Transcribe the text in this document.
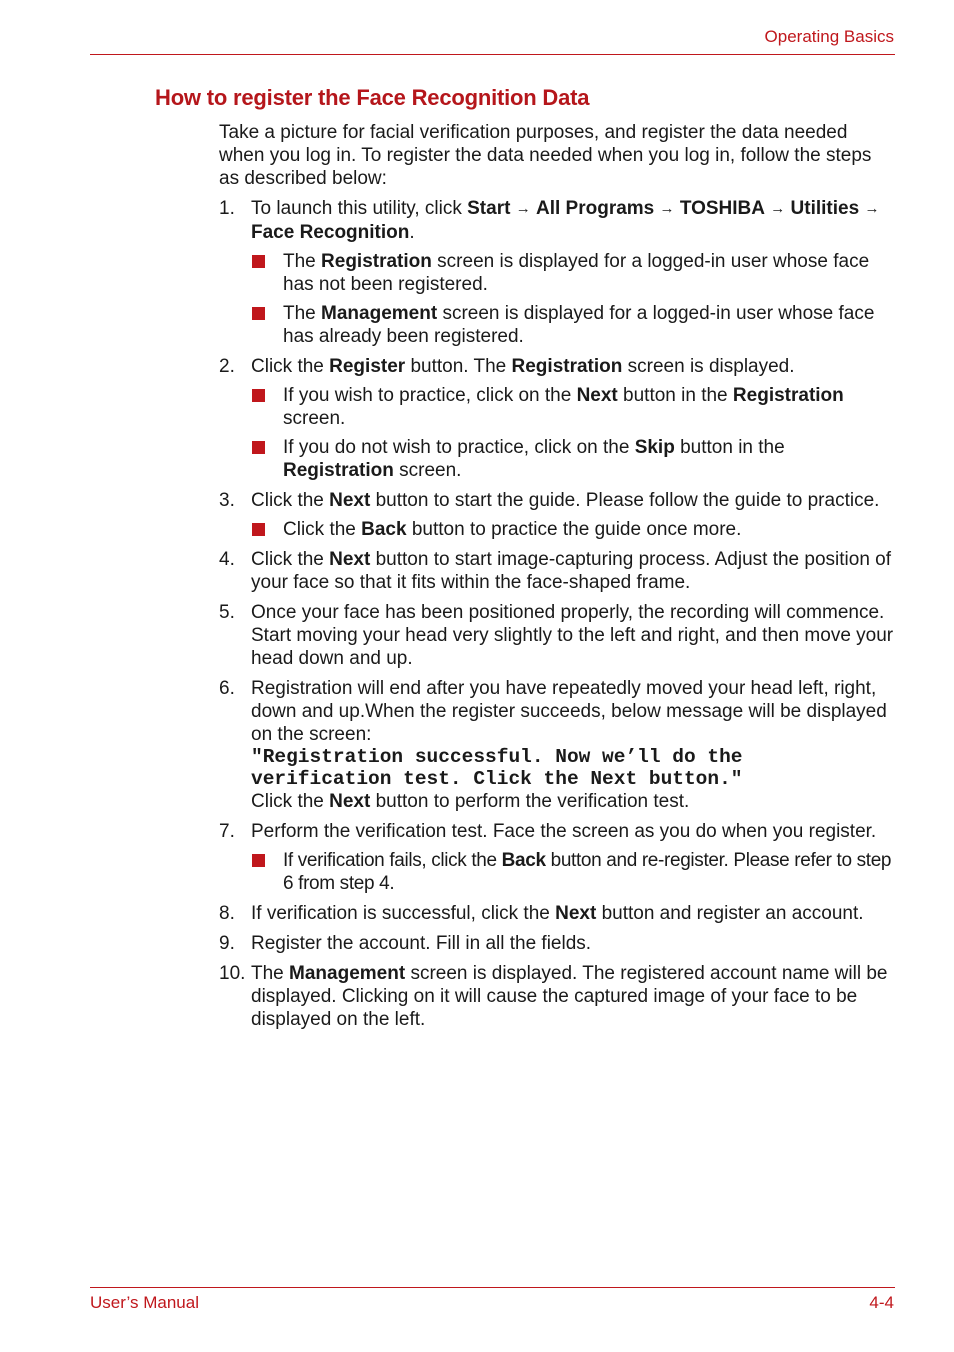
Operating Basics
How to register the Face Recognition Data

Take a picture for facial verification purposes, and register the data needed when you log in. To register the data needed when you log in, follow the steps as described below:

1. To launch this utility, click Start → All Programs → TOSHIBA → Utilities → Face Recognition.
The Registration screen is displayed for a logged-in user whose face has not been registered.
The Management screen is displayed for a logged-in user whose face has already been registered.
2. Click the Register button. The Registration screen is displayed.
If you wish to practice, click on the Next button in the Registration screen.
If you do not wish to practice, click on the Skip button in the
Registration screen.
3. Click the Next button to start the guide. Please follow the guide to practice.
Click the Back button to practice the guide once more.
4. Click the Next button to start image-capturing process. Adjust the position of your face so that it fits within the face-shaped frame.
5. Once your face has been positioned properly, the recording will commence. Start moving your head very slightly to the left and right, and then move your head down and up.
6. Registration will end after you have repeatedly moved your head left, right, down and up.When the register succeeds, below message will be displayed on the screen:
"Registration successful. Now we’ll do the
verification test. Click the Next button."
Click the Next button to perform the verification test.
7. Perform the verification test. Face the screen as you do when you register.
If verification fails, click the Back button and re-register. Please refer to step 6 from step 4.
8. If verification is successful, click the Next button and register an account.
9. Register the account. Fill in all the fields.
10. The Management screen is displayed. The registered account name will be displayed. Clicking on it will cause the captured image of your face to be displayed on the left.
User’s Manual	4-4
